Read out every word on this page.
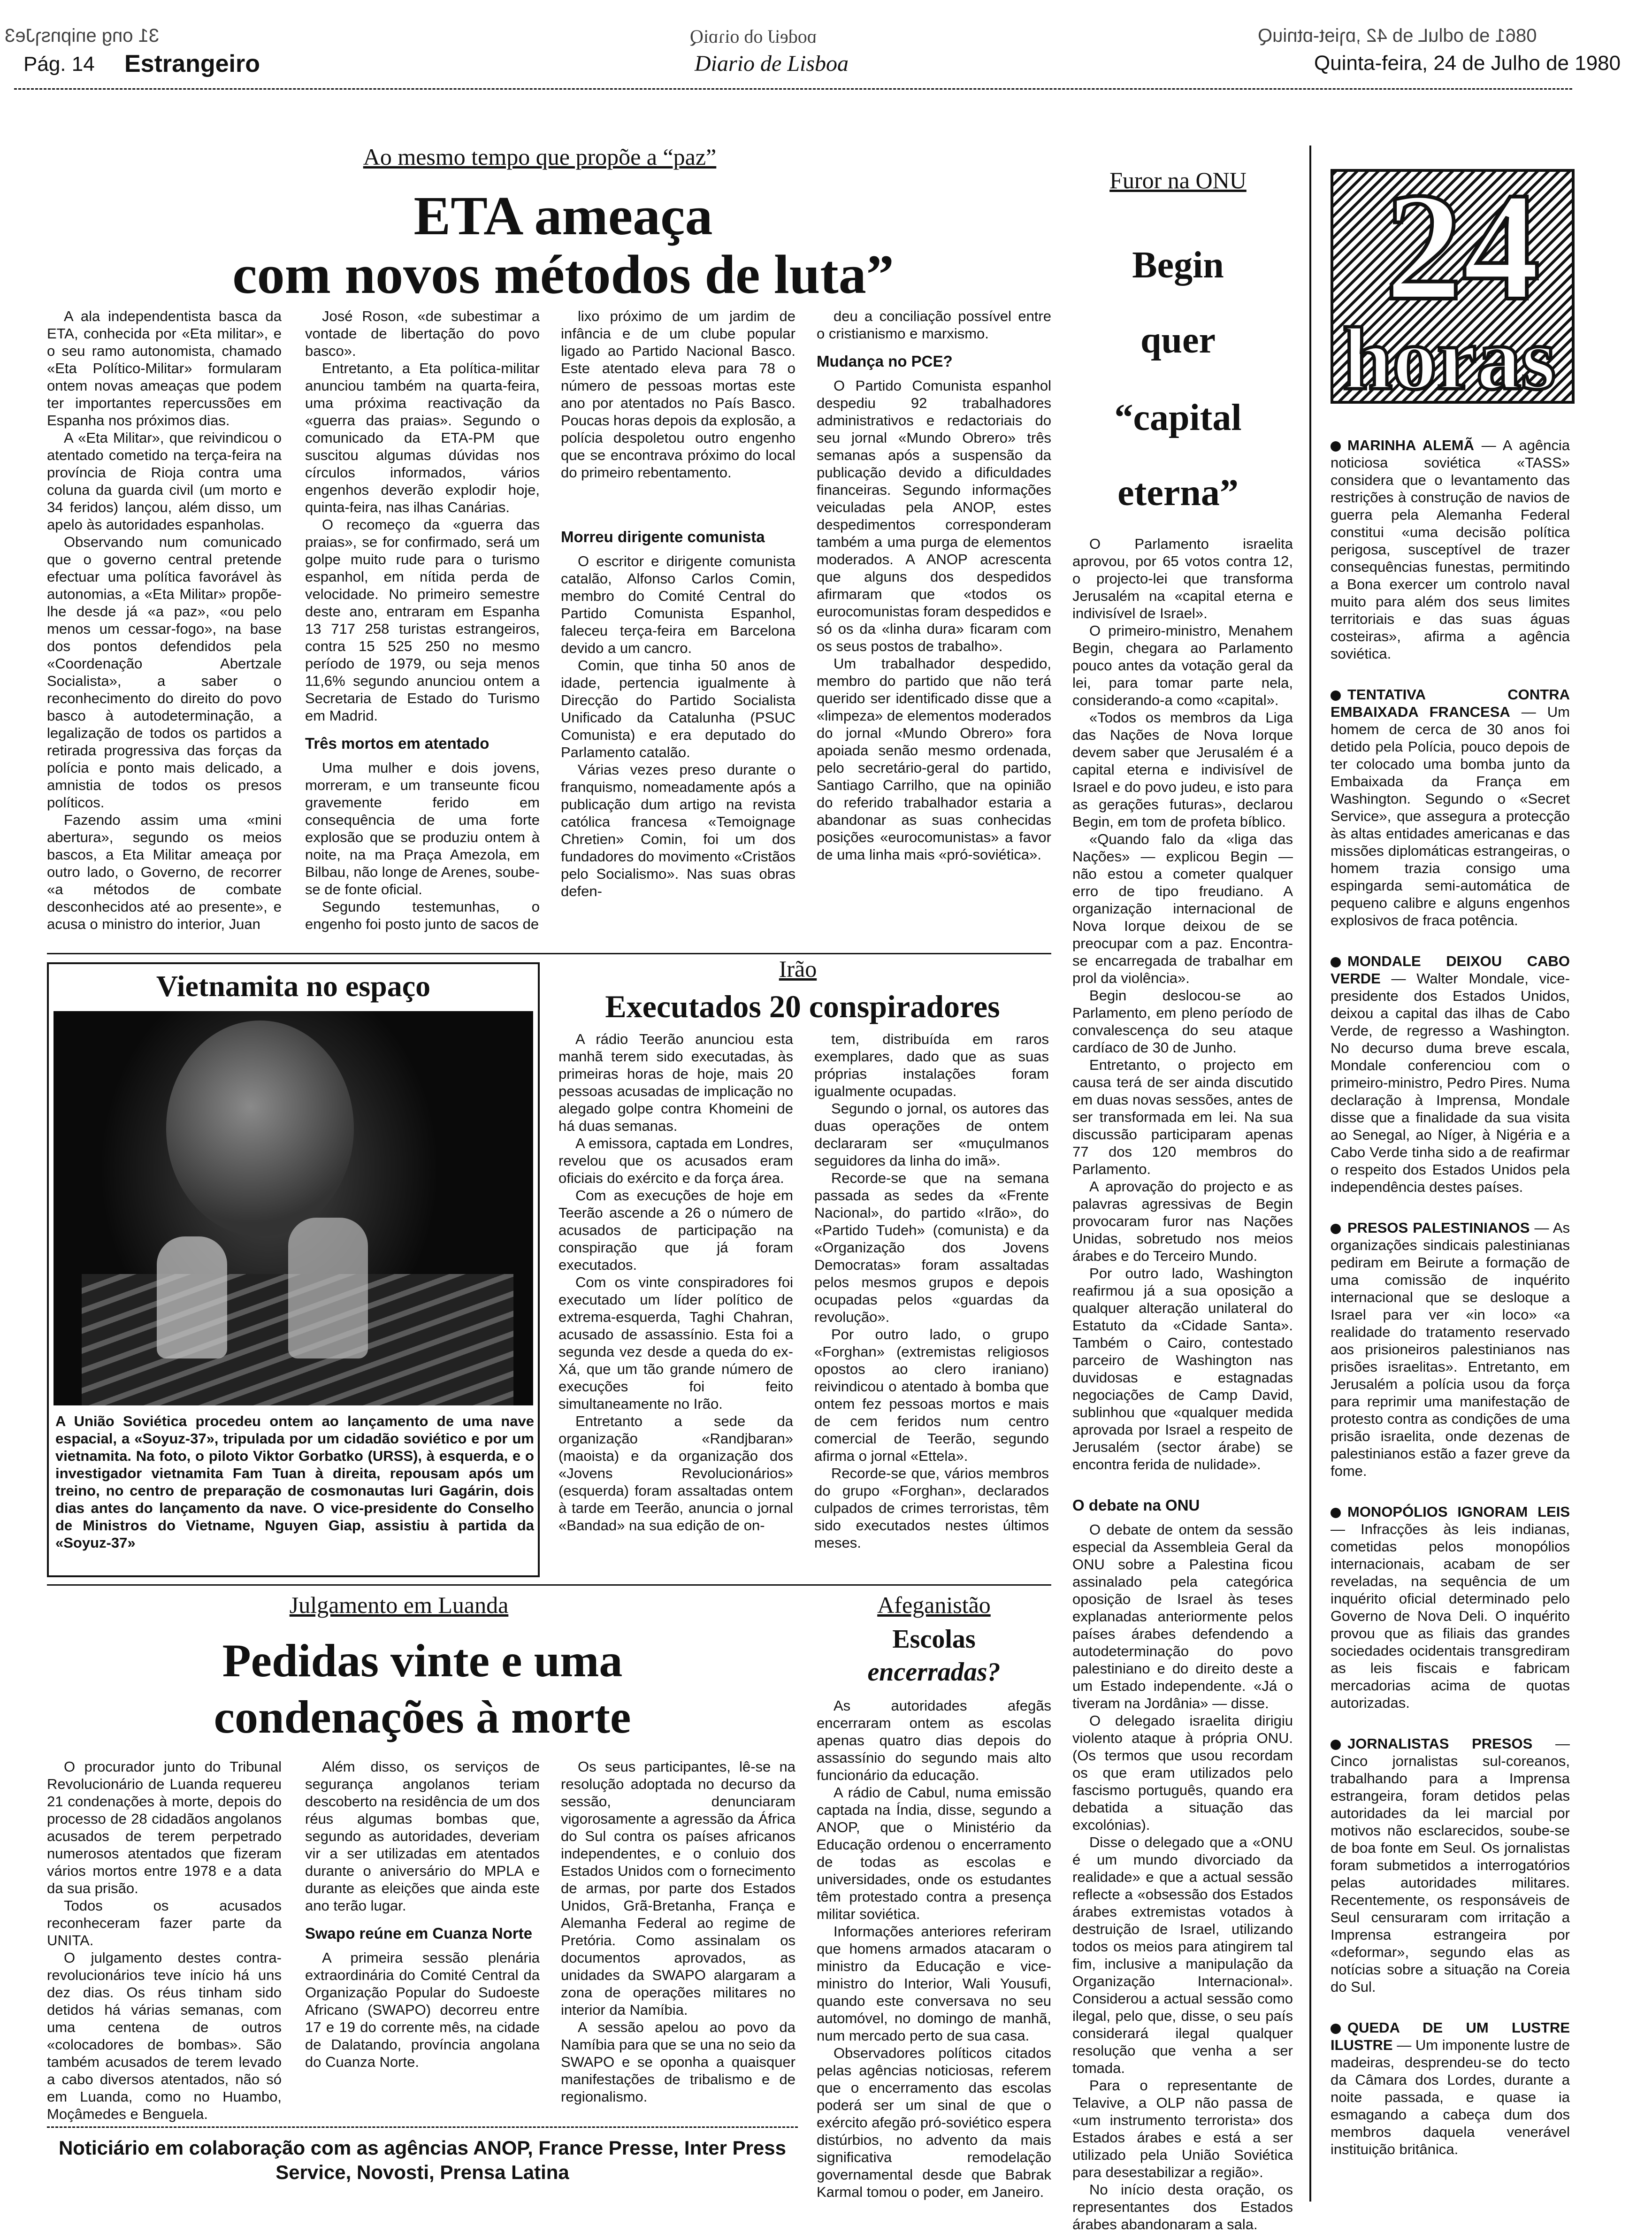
31 ong ɘnipnsɿJe3
Pág. 14 Estrangeiro	Diario de Lisboa
ɒodeiJ ob oiɿɒiQ	0861 ɘb odluL ɘb 42 ,ɒɿiɘt-ɒtniuQ
Quinta-feira, 24 de Julho de 1980
Ao mesmo tempo que propõe a “paz”
ETA ameaça
com novos métodos de luta”

A ala independentista basca da ETA, conhecida por «Eta militar», e o seu ramo autonomista, chamado «Eta Político-Militar» formularam ontem novas ameaças que podem ter importantes repercussões em Espanha nos próximos dias.

A «Eta Militar», que reivindicou o atentado cometido na terça-feira na província de Rioja contra uma coluna da guarda civil (um morto e 34 feridos) lançou, além disso, um apelo às autoridades espanholas.

Observando num comunicado que o governo central pretende efectuar uma política favorável às autonomias, a «Eta Militar» propõe-lhe desde já «a paz», «ou pelo menos um cessar-fogo», na base dos pontos defendidos pela «Coordenação Abertzale Socialista», a saber o reconhecimento do direito do povo basco à autodeterminação, a legalização de todos os partidos a retirada progressiva das forças da polícia e ponto mais delicado, a amnistia de todos os presos políticos.

Fazendo assim uma «mini abertura», segundo os meios bascos, a Eta Militar ameaça por outro lado, o Governo, de recorrer «a métodos de combate desconhecidos até ao presente», e acusa o ministro do interior, Juan

José Roson, «de subestimar a vontade de libertação do povo basco».

Entretanto, a Eta política-militar anunciou também na quarta-feira, uma próxima reactivação da «guerra das praias». Segundo o comunicado da ETA-PM que suscitou algumas dúvidas nos círculos informados, vários engenhos deverão explodir hoje, quinta-feira, nas ilhas Canárias.

O recomeço da «guerra das praias», se for confirmado, será um golpe muito rude para o turismo espanhol, em nítida perda de velocidade. No primeiro semestre deste ano, entraram em Espanha 13 717 258 turistas estrangeiros, contra 15 525 250 no mesmo período de 1979, ou seja menos 11,6% segundo anunciou ontem a Secretaria de Estado do Turismo em Madrid.

Três mortos em atentado

Uma mulher e dois jovens, morreram, e um transeunte ficou gravemente ferido em consequência de uma forte explosão que se produziu ontem à noite, na ma Praça Amezola, em Bilbau, não longe de Arenes, soube-se de fonte oficial.

Segundo testemunhas, o engenho foi posto junto de sacos de

lixo próximo de um jardim de infância e de um clube popular ligado ao Partido Nacional Basco. Este atentado eleva para 78 o número de pessoas mortas este ano por atentados no País Basco. Poucas horas depois da explosão, a polícia despoletou outro engenho que se encontrava próximo do local do primeiro rebentamento.

Morreu dirigente comunista

O escritor e dirigente comunista catalão, Alfonso Carlos Comin, membro do Comité Central do Partido Comunista Espanhol, faleceu terça-feira em Barcelona devido a um cancro.

Comin, que tinha 50 anos de idade, pertencia igualmente à Direcção do Partido Socialista Unificado da Catalunha (PSUC Comunista) e era deputado do Parlamento catalão.

Várias vezes preso durante o franquismo, nomeadamente após a publicação dum artigo na revista católica francesa «Temoignage Chretien» Comin, foi um dos fundadores do movimento «Cristãos pelo Socialismo». Nas suas obras defen-

deu a conciliação possível entre o cristianismo e marxismo.

Mudança no PCE?

O Partido Comunista espanhol despediu 92 trabalhadores administrativos e redactoriais do seu jornal «Mundo Obrero» três semanas após a suspensão da publicação devido a dificuldades financeiras. Segundo informações veiculadas pela ANOP, estes despedimentos corresponderam também a uma purga de elementos moderados. A ANOP acrescenta que alguns dos despedidos afirmaram que «todos os eurocomunistas foram despedidos e só os da «linha dura» ficaram com os seus postos de trabalho».

Um trabalhador despedido, membro do partido que não terá querido ser identificado disse que a «limpeza» de elementos moderados do jornal «Mundo Obrero» fora apoiada senão mesmo ordenada, pelo secretário-geral do partido, Santiago Carrilho, que na opinião do referido trabalhador estaria a abandonar as suas conhecidas posições «eurocomunistas» a favor de uma linha mais «pró-soviética».

Furor na ONU
Begin
quer
“capital
eterna”

O Parlamento israelita aprovou, por 65 votos contra 12, o projecto-lei que transforma Jerusalém na «capital eterna e indivisível de Israel».

O primeiro-ministro, Menahem Begin, chegara ao Parlamento pouco antes da votação geral da lei, para tomar parte nela, considerando-a como «capital».

«Todos os membros da Liga das Nações de Nova Iorque devem saber que Jerusalém é a capital eterna e indivisível de Israel e do povo judeu, e isto para as gerações futuras», declarou Begin, em tom de profeta bíblico.

«Quando falo da «liga das Nações» — explicou Begin — não estou a cometer qualquer erro de tipo freudiano. A organização internacional de Nova Iorque deixou de se preocupar com a paz. Encontra-se encarregada de trabalhar em prol da violência».

Begin deslocou-se ao Parlamento, em pleno período de convalescença do seu ataque cardíaco de 30 de Junho.

Entretanto, o projecto em causa terá de ser ainda discutido em duas novas sessões, antes de ser transformada em lei. Na sua discussão participaram apenas 77 dos 120 membros do Parlamento.

A aprovação do projecto e as palavras agressivas de Begin provocaram furor nas Nações Unidas, sobretudo nos meios árabes e do Terceiro Mundo.

Por outro lado, Washington reafirmou já a sua oposição a qualquer alteração unilateral do Estatuto da «Cidade Santa». Também o Cairo, contestado parceiro de Washington nas duvidosas e estagnadas negociações de Camp David, sublinhou que «qualquer medida aprovada por Israel a respeito de Jerusalém (sector árabe) se encontra ferida de nulidade».

O debate na ONU

O debate de ontem da sessão especial da Assembleia Geral da ONU sobre a Palestina ficou assinalado pela categórica oposição de Israel às teses explanadas anteriormente pelos países árabes defendendo a autodeterminação do povo palestiniano e do direito deste a um Estado independente. «Já o tiveram na Jordânia» — disse.

O delegado israelita dirigiu violento ataque à própria ONU. (Os termos que usou recordam os que eram utilizados pelo fascismo português, quando era debatida a situação das excolónias).

Disse o delegado que a «ONU é um mundo divorciado da realidade» e que a actual sessão reflecte a «obsessão dos Estados árabes extremistas votados à destruição de Israel, utilizando todos os meios para atingirem tal fim, inclusive a manipulação da Organização Internacional». Considerou a actual sessão como ilegal, pelo que, disse, o seu país considerará ilegal qualquer resolução que venha a ser tomada.

Para o representante de Telavive, a OLP não passa de «um instrumento terrorista» dos Estados árabes e está a ser utilizado pela União Soviética para desestabilizar a região».

No início desta oração, os representantes dos Estados árabes abandonaram a sala.

24
horas
MARINHA ALEMÃ — A agência noticiosa soviética «TASS» considera que o levantamento das restrições à construção de navios de guerra pela Alemanha Federal constitui «uma decisão política perigosa, susceptível de trazer consequências funestas, permitindo a Bona exercer um controlo naval muito para além dos seus limites territoriais e das suas águas costeiras», afirma a agência soviética.
TENTATIVA CONTRA EMBAIXADA FRANCESA — Um homem de cerca de 30 anos foi detido pela Polícia, pouco depois de ter colocado uma bomba junto da Embaixada da França em Washington. Segundo o «Secret Service», que assegura a protecção às altas entidades americanas e das missões diplomáticas estrangeiras, o homem trazia consigo uma espingarda semi-automática de pequeno calibre e alguns engenhos explosivos de fraca potência.
MONDALE DEIXOU CABO VERDE — Walter Mondale, vice-presidente dos Estados Unidos, deixou a capital das ilhas de Cabo Verde, de regresso a Washington. No decurso duma breve escala, Mondale conferenciou com o primeiro-ministro, Pedro Pires. Numa declaração à Imprensa, Mondale disse que a finalidade da sua visita ao Senegal, ao Níger, à Nigéria e a Cabo Verde tinha sido a de reafirmar o respeito dos Estados Unidos pela independência destes países.
PRESOS PALESTINIANOS — As organizações sindicais palestinianas pediram em Beirute a formação de uma comissão de inquérito internacional que se desloque a Israel para ver «in loco» «a realidade do tratamento reservado aos prisioneiros palestinianos nas prisões israelitas». Entretanto, em Jerusalém a polícia usou da força para reprimir uma manifestação de protesto contra as condições de uma prisão israelita, onde dezenas de palestinianos estão a fazer greve da fome.
MONOPÓLIOS IGNORAM LEIS — Infracções às leis indianas, cometidas pelos monopólios internacionais, acabam de ser reveladas, na sequência de um inquérito oficial determinado pelo Governo de Nova Deli. O inquérito provou que as filiais das grandes sociedades ocidentais transgrediram as leis fiscais e fabricam mercadorias acima de quotas autorizadas.
JORNALISTAS PRESOS — Cinco jornalistas sul-coreanos, trabalhando para a Imprensa estrangeira, foram detidos pelas autoridades da lei marcial por motivos não esclarecidos, soube-se de boa fonte em Seul. Os jornalistas foram submetidos a interrogatórios pelas autoridades militares. Recentemente, os responsáveis de Seul censuraram com irritação a Imprensa estrangeira por «deformar», segundo elas as notícias sobre a situação na Coreia do Sul.
QUEDA DE UM LUSTRE ILUSTRE — Um imponente lustre de madeiras, desprendeu-se do tecto da Câmara dos Lordes, durante a noite passada, e quase ia esmagando a cabeça dum dos membros daquela venerável instituição britânica.
Vietnamita no espaço
A União Soviética procedeu ontem ao lançamento de uma nave espacial, a «Soyuz-37», tripulada por um cidadão soviético e por um vietnamita. Na foto, o piloto Viktor Gorbatko (URSS), à esquerda, e o investigador vietnamita Fam Tuan à direita, repousam após um treino, no centro de preparação de cosmonautas Iuri Gagárin, dois dias antes do lançamento da nave. O vice-presidente do Conselho de Ministros do Vietname, Nguyen Giap, assistiu à partida da «Soyuz-37»
Irão
Executados 20 conspiradores

A rádio Teerão anunciou esta manhã terem sido executadas, às primeiras horas de hoje, mais 20 pessoas acusadas de implicação no alegado golpe contra Khomeini de há duas semanas.

A emissora, captada em Londres, revelou que os acusados eram oficiais do exército e da força área.

Com as execuções de hoje em Teerão ascende a 26 o número de acusados de participação na conspiração que já foram executados.

Com os vinte conspiradores foi executado um líder político de extrema-esquerda, Taghi Chahran, acusado de assassínio. Esta foi a segunda vez desde a queda do ex-Xá, que um tão grande número de execuções foi feito simultaneamente no Irão.

Entretanto a sede da organização «Randjbaran» (maoista) e da organização dos «Jovens Revolucionários» (esquerda) foram assaltadas ontem à tarde em Teerão, anuncia o jornal «Bandad» na sua edição de on-

tem, distribuída em raros exemplares, dado que as suas próprias instalações foram igualmente ocupadas.

Segundo o jornal, os autores das duas operações de ontem declararam ser «muçulmanos seguidores da linha do imã».

Recorde-se que na semana passada as sedes da «Frente Nacional», do partido «Irão», do «Partido Tudeh» (comunista) e da «Organização dos Jovens Democratas» foram assaltadas pelos mesmos grupos e depois ocupadas pelos «guardas da revolução».

Por outro lado, o grupo «Forghan» (extremistas religiosos opostos ao clero iraniano) reivindicou o atentado à bomba que ontem fez pessoas mortos e mais de cem feridos num centro comercial de Teerão, segundo afirma o jornal «Ettela».

Recorde-se que, vários membros do grupo «Forghan», declarados culpados de crimes terroristas, têm sido executados nestes últimos meses.

Julgamento em Luanda
Pedidas vinte e uma
condenações à morte

O procurador junto do Tribunal Revolucionário de Luanda requereu 21 condenações à morte, depois do processo de 28 cidadãos angolanos acusados de terem perpetrado numerosos atentados que fizeram vários mortos entre 1978 e a data da sua prisão.

Todos os acusados reconheceram fazer parte da UNITA.

O julgamento destes contra-revolucionários teve início há uns dez dias. Os réus tinham sido detidos há várias semanas, com uma centena de outros «colocadores de bombas». São também acusados de terem levado a cabo diversos atentados, não só em Luanda, como no Huambo, Moçâmedes e Benguela.

Além disso, os serviços de segurança angolanos teriam descoberto na residência de um dos réus algumas bombas que, segundo as autoridades, deveriam vir a ser utilizadas em atentados durante o aniversário do MPLA e durante as eleições que ainda este ano terão lugar.

Swapo reúne em Cuanza Norte

A primeira sessão plenária extraordinária do Comité Central da Organização Popular do Sudoeste Africano (SWAPO) decorreu entre 17 e 19 do corrente mês, na cidade de Dalatando, província angolana do Cuanza Norte.

Os seus participantes, lê-se na resolução adoptada no decurso da sessão, denunciaram vigorosamente a agressão da África do Sul contra os países africanos independentes, e o conluio dos Estados Unidos com o fornecimento de armas, por parte dos Estados Unidos, Grã-Bretanha, França e Alemanha Federal ao regime de Pretória. Como assinalam os documentos aprovados, as unidades da SWAPO alargaram a zona de operações militares no interior da Namíbia.

A sessão apelou ao povo da Namíbia para que se una no seio da SWAPO e se oponha a quaisquer manifestações de tribalismo e de regionalismo.

Afeganistão
Escolas
encerradas?

As autoridades afegãs encerraram ontem as escolas apenas quatro dias depois do assassínio do segundo mais alto funcionário da educação.

A rádio de Cabul, numa emissão captada na Índia, disse, segundo a ANOP, que o Ministério da Educação ordenou o encerramento de todas as escolas e universidades, onde os estudantes têm protestado contra a presença militar soviética.

Informações anteriores referiram que homens armados atacaram o ministro da Educação e vice-ministro do Interior, Wali Yousufi, quando este conversava no seu automóvel, no domingo de manhã, num mercado perto de sua casa.

Observadores políticos citados pelas agências noticiosas, referem que o encerramento das escolas poderá ser um sinal de que o exército afegão pró-soviético espera distúrbios, no advento da mais significativa remodelação governamental desde que Babrak Karmal tomou o poder, em Janeiro.

Noticiário em colaboração com as agências ANOP, France Presse, Inter Press Service, Novosti, Prensa Latina
